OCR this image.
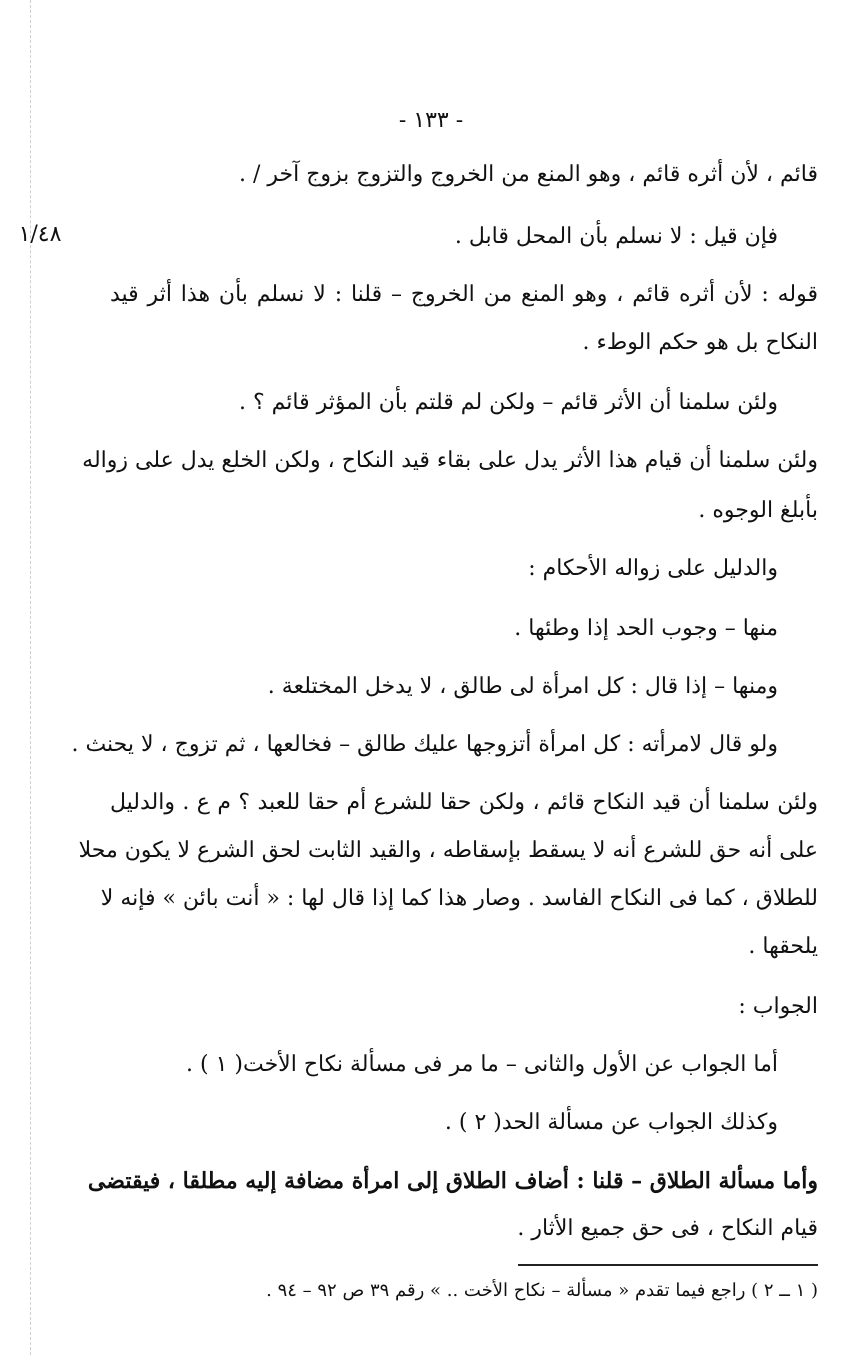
- ١٣٣ -
١/٤٨
قائم ، لأن أثره قائم ، وهو المنع من الخروج والتزوج بزوج آخر / .
فإن قيل : لا نسلم بأن المحل قابل .
قوله : لأن أثره قائم ، وهو المنع من الخروج – قلنا : لا نسلم بأن هذا أثر قيد
النكاح بل هو حكم الوطء .
ولئن سلمنا أن الأثر قائم – ولكن لم قلتم بأن المؤثر قائم ؟ .
ولئن سلمنا أن قيام هذا الأثر يدل على بقاء قيد النكاح ، ولكن الخلع يدل على زواله
بأبلغ الوجوه .
والدليل على زواله الأحكام :
منها – وجوب الحد إذا وطئها .
ومنها – إذا قال : كل امرأة لى طالق ، لا يدخل المختلعة .
ولو قال لامرأته : كل امرأة أتزوجها عليك طالق – فخالعها ، ثم تزوج ، لا يحنث .
ولئن سلمنا أن قيد النكاح قائم ، ولكن حقا للشرع أم حقا للعبد ؟ م ع . والدليل
على أنه حق للشرع أنه لا يسقط بإسقاطه ، والقيد الثابت لحق الشرع لا يكون محلا
للطلاق ، كما فى النكاح الفاسد . وصار هذا كما إذا قال لها : « أنت بائن » فإنه لا
يلحقها .
الجواب :
أما الجواب عن الأول والثانى – ما مر فى مسألة نكاح الأخت( ١ ) .
وكذلك الجواب عن مسألة الحد( ٢ ) .
وأما مسألة الطلاق – قلنا : أضاف الطلاق إلى امرأة مضافة إليه مطلقا ، فيقتضى
قيام النكاح ، فى حق جميع الأثار .
( ١ ــ ٢ ) راجع فيما تقدم « مسألة – نكاح الأخت .. » رقم ٣٩ ص ٩٢ – ٩٤ .
